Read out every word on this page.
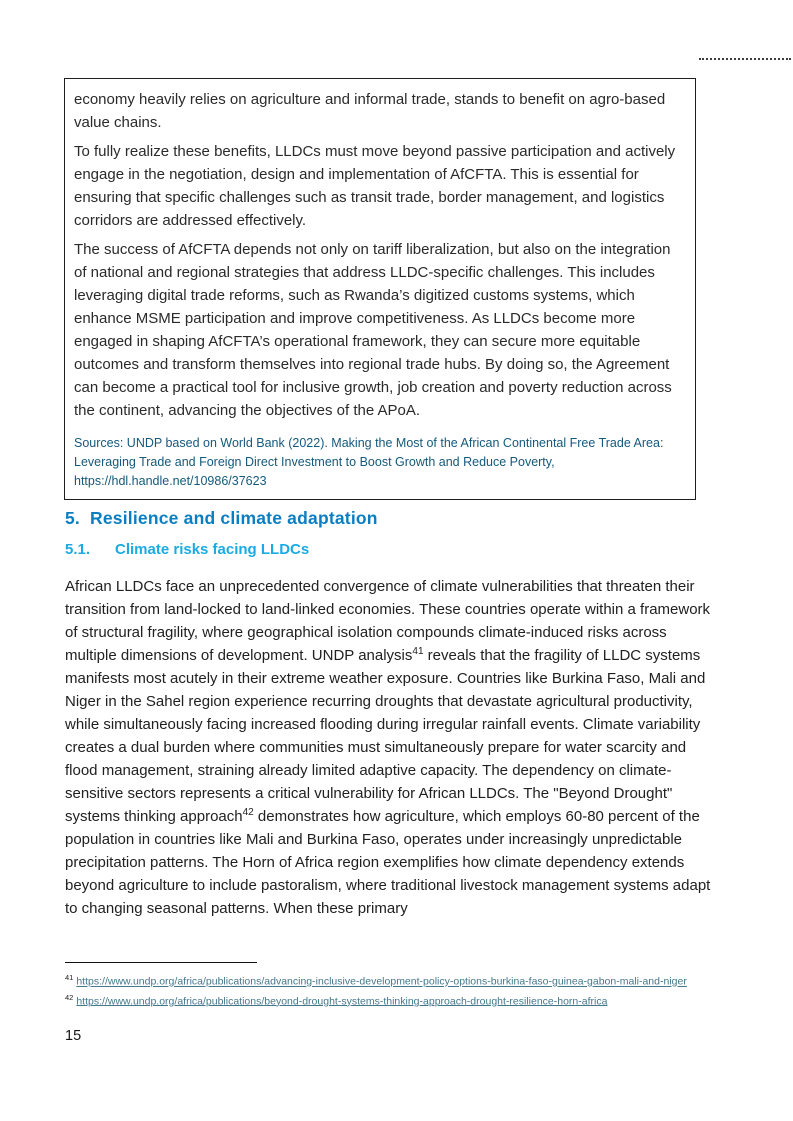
economy heavily relies on agriculture and informal trade, stands to benefit on agro-based value chains.

To fully realize these benefits, LLDCs must move beyond passive participation and actively engage in the negotiation, design and implementation of AfCFTA. This is essential for ensuring that specific challenges such as transit trade, border management, and logistics corridors are addressed effectively.

The success of AfCFTA depends not only on tariff liberalization, but also on the integration of national and regional strategies that address LLDC-specific challenges. This includes leveraging digital trade reforms, such as Rwanda’s digitized customs systems, which enhance MSME participation and improve competitiveness. As LLDCs become more engaged in shaping AfCFTA’s operational framework, they can secure more equitable outcomes and transform themselves into regional trade hubs. By doing so, the Agreement can become a practical tool for inclusive growth, job creation and poverty reduction across the continent, advancing the objectives of the APoA.

Sources: UNDP based on World Bank (2022). Making the Most of the African Continental Free Trade Area: Leveraging Trade and Foreign Direct Investment to Boost Growth and Reduce Poverty, https://hdl.handle.net/10986/37623

5. Resilience and climate adaptation
5.1. Climate risks facing LLDCs

African LLDCs face an unprecedented convergence of climate vulnerabilities that threaten their transition from land-locked to land-linked economies. These countries operate within a framework of structural fragility, where geographical isolation compounds climate-induced risks across multiple dimensions of development. UNDP analysis$^{41}$ reveals that the fragility of LLDC systems manifests most acutely in their extreme weather exposure. Countries like Burkina Faso, Mali and Niger in the Sahel region experience recurring droughts that devastate agricultural productivity, while simultaneously facing increased flooding during irregular rainfall events. Climate variability creates a dual burden where communities must simultaneously prepare for water scarcity and flood management, straining already limited adaptive capacity. The dependency on climate-sensitive sectors represents a critical vulnerability for African LLDCs. The "Beyond Drought" systems thinking approach$^{42}$ demonstrates how agriculture, which employs 60-80 percent of the population in countries like Mali and Burkina Faso, operates under increasingly unpredictable precipitation patterns. The Horn of Africa region exemplifies how climate dependency extends beyond agriculture to include pastoralism, where traditional livestock management systems adapt to changing seasonal patterns. When these primary

$^{41}$ https://www.undp.org/africa/publications/advancing-inclusive-development-policy-options-burkina-faso-guinea-gabon-mali-and-niger
$^{42}$ https://www.undp.org/africa/publications/beyond-drought-systems-thinking-approach-drought-resilience-horn-africa
15
